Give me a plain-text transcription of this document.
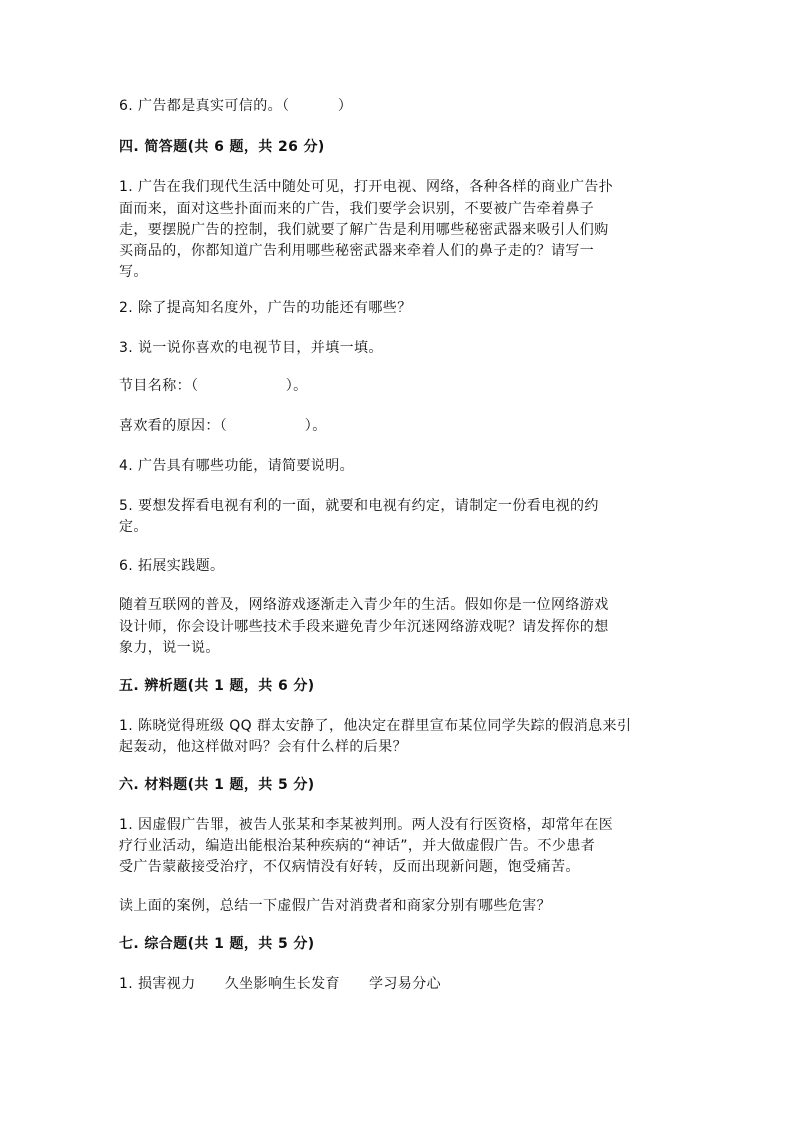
6. 广告都是真实可信的。（          ）
四. 简答题(共 6 题，共 26 分)
1. 广告在我们现代生活中随处可见，打开电视、网络，各种各样的商业广告扑
面而来，面对这些扑面而来的广告，我们要学会识别，不要被广告牵着鼻子
走，要摆脱广告的控制，我们就要了解广告是利用哪些秘密武器来吸引人们购
买商品的，你都知道广告利用哪些秘密武器来牵着人们的鼻子走的？请写一
写。
2. 除了提高知名度外，广告的功能还有哪些？
3. 说一说你喜欢的电视节目，并填一填。
节目名称：（                  ）。
喜欢看的原因：（                ）。
4. 广告具有哪些功能，请简要说明。
5. 要想发挥看电视有利的一面，就要和电视有约定，请制定一份看电视的约
定。
6. 拓展实践题。
随着互联网的普及，网络游戏逐渐走入青少年的生活。假如你是一位网络游戏
设计师，你会设计哪些技术手段来避免青少年沉迷网络游戏呢？请发挥你的想
象力，说一说。
五. 辨析题(共 1 题，共 6 分)
1. 陈晓觉得班级 QQ 群太安静了，他决定在群里宣布某位同学失踪的假消息来引
起轰动，他这样做对吗？会有什么样的后果？
六. 材料题(共 1 题，共 5 分)
1. 因虚假广告罪，被告人张某和李某被判刑。两人没有行医资格，却常年在医
疗行业活动，编造出能根治某种疾病的“神话”，并大做虚假广告。不少患者
受广告蒙蔽接受治疗，不仅病情没有好转，反而出现新问题，饱受痛苦。
读上面的案例，总结一下虚假广告对消费者和商家分别有哪些危害？
七. 综合题(共 1 题，共 5 分)
1. 损害视力      久坐影响生长发育      学习易分心
